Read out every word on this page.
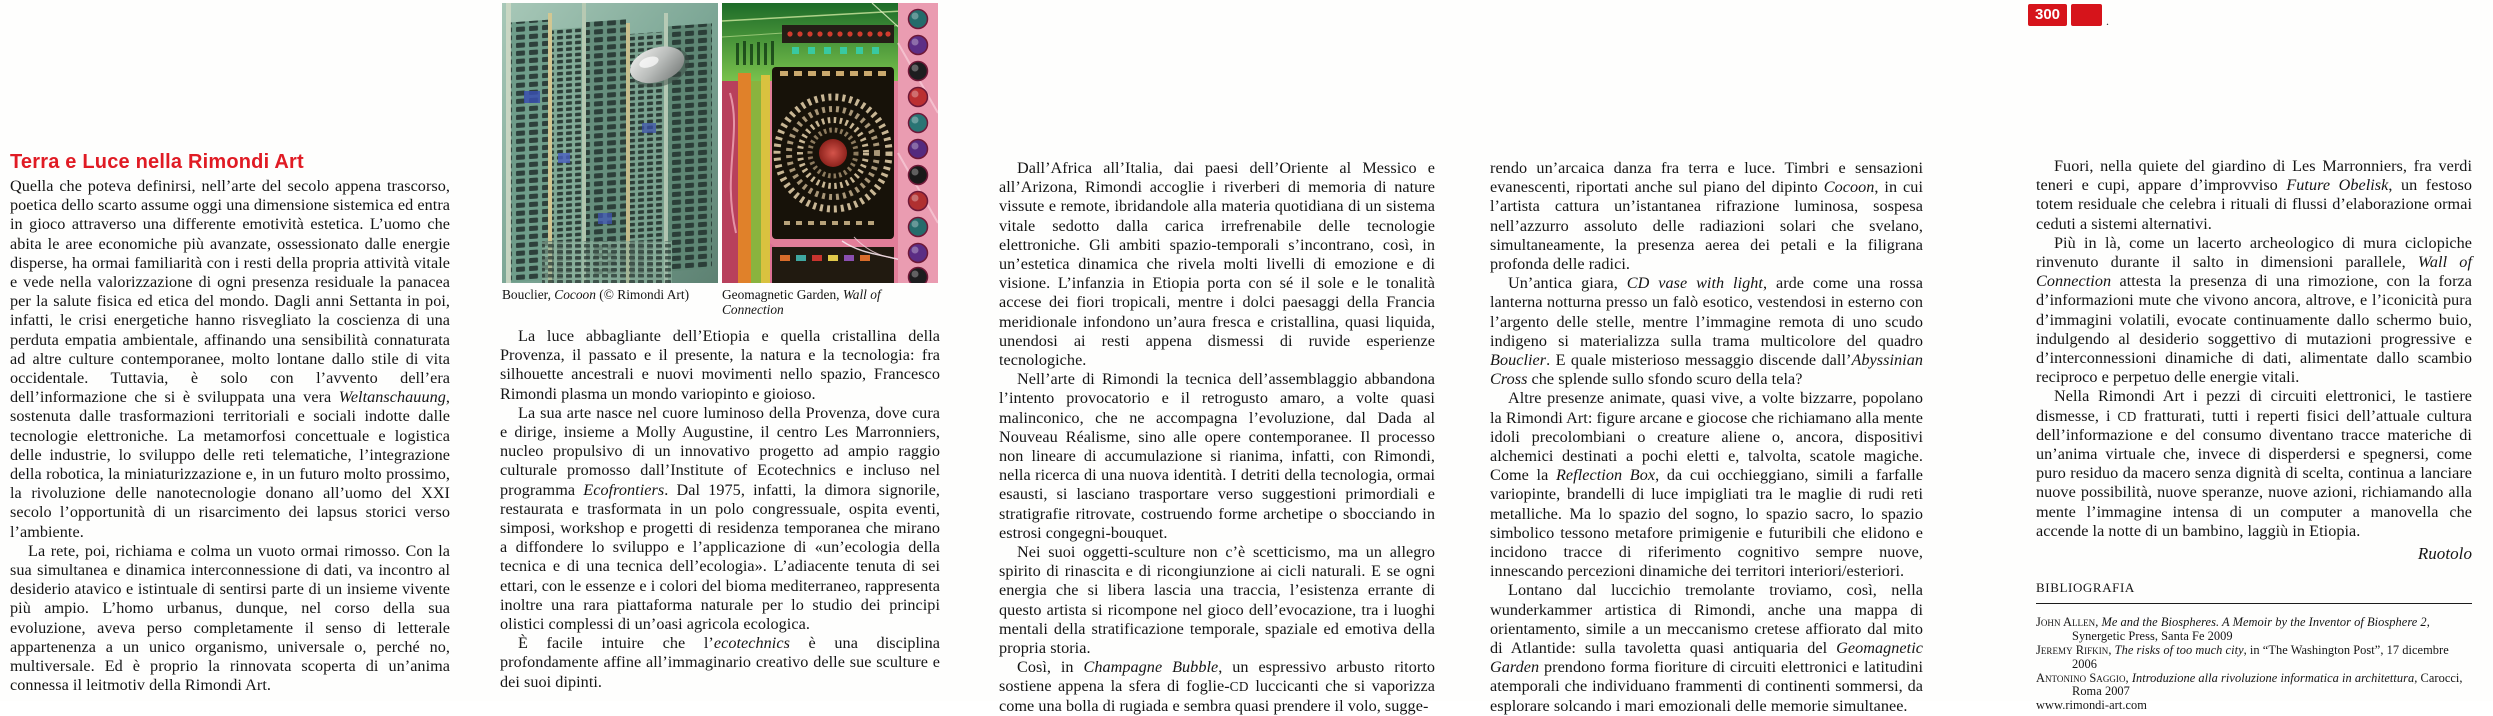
300	.
Terra e Luce nella Rimondi Art

Quella che poteva definirsi, nell’arte del secolo appena trascorso, poetica dello scarto assume oggi una dimensione sistemica ed entra in gioco attraverso una differente emotività estetica. L’uomo che abita le aree economiche più avanzate, ossessionato dalle energie disperse, ha ormai familiarità con i resti della propria attività vitale e vede nella valorizzazione di ogni presenza residuale la panacea per la salute fisica ed etica del mondo. Dagli anni Settanta in poi, infatti, le crisi energetiche hanno risvegliato la coscienza di una perduta empatia ambientale, affinando una sensibilità connaturata ad altre culture contemporanee, molto lontane dallo stile di vita occidentale. Tuttavia, è solo con l’avvento dell’era dell’informazione che si è sviluppata una vera Weltanschauung, sostenuta dalle trasformazioni territoriali e sociali indotte dalle tecnologie elettroniche. La metamorfosi concettuale e logistica delle industrie, lo sviluppo delle reti telematiche, l’integrazione della robotica, la miniaturizzazione e, in un futuro molto prossimo, la rivoluzione delle nanotecnologie donano all’uomo del XXI secolo l’opportunità di un risarcimento dei lapsus storici verso l’ambiente.

La rete, poi, richiama e colma un vuoto ormai rimosso. Con la sua simultanea e dinamica interconnessione di dati, va incontro al desiderio atavico e istintuale di sentirsi parte di un insieme vivente più ampio. L’homo urbanus, dunque, nel corso della sua evoluzione, aveva perso completamente il senso di letterale appartenenza a un unico organismo, universale o, perché no, multiversale. Ed è proprio la rinnovata scoperta di un’anima connessa il leitmotiv della Rimondi Art.

Bouclier, Cocoon (© Rimondi Art)	Geomagnetic Garden, Wall of Connection

La luce abbagliante dell’Etiopia e quella cristallina della Provenza, il passato e il presente, la natura e la tecnologia: fra silhouette ancestrali e nuovi movimenti nello spazio, Francesco Rimondi plasma un mondo variopinto e gioioso.

La sua arte nasce nel cuore luminoso della Provenza, dove cura e dirige, insieme a Molly Augustine, il centro Les Marronniers, nucleo propulsivo di un innovativo progetto ad ampio raggio culturale promosso dall’Institute of Ecotechnics e incluso nel programma Ecofrontiers. Dal 1975, infatti, la dimora signorile, restaurata e trasformata in un polo congressuale, ospita eventi, simposi, workshop e progetti di residenza temporanea che mirano a diffondere lo sviluppo e l’applicazione di «un’ecologia della tecnica e di una tecnica dell’ecologia». L’adiacente tenuta di sei ettari, con le essenze e i colori del bioma mediterraneo, rappresenta inoltre una rara piattaforma naturale per lo studio dei principi olistici complessi di un’oasi agricola ecologica.

È facile intuire che l’ecotechnics è una disciplina profondamente affine all’immaginario creativo delle sue sculture e dei suoi dipinti.

Dall’Africa all’Italia, dai paesi dell’Oriente al Messico e all’Arizona, Rimondi accoglie i riverberi di memoria di nature vissute e remote, ibridandole alla materia quotidiana di un sistema vitale sedotto dalla carica irrefrenabile delle tecnologie elettroniche. Gli ambiti spazio-temporali s’incontrano, così, in un’estetica dinamica che rivela molti livelli di emozione e di visione. L’infanzia in Etiopia porta con sé il sole e le tonalità accese dei fiori tropicali, mentre i dolci paesaggi della Francia meridionale infondono un’aura fresca e cristallina, quasi liquida, unendosi ai resti appena dismessi di ruvide esperienze tecnologiche.

Nell’arte di Rimondi la tecnica dell’assemblaggio abbandona l’intento provocatorio e il retrogusto amaro, a volte quasi malinconico, che ne accompagna l’evoluzione, dal Dada al Nouveau Réalisme, sino alle opere contemporanee. Il processo non lineare di accumulazione si rianima, infatti, con Rimondi, nella ricerca di una nuova identità. I detriti della tecnologia, ormai esausti, si lasciano trasportare verso suggestioni primordiali e stratigrafie ritrovate, costruendo forme archetipe o sbocciando in estrosi congegni-bouquet.

Nei suoi oggetti-sculture non c’è scetticismo, ma un allegro spirito di rinascita e di ricongiunzione ai cicli naturali. E se ogni energia che si libera lascia una traccia, l’esistenza errante di questo artista si ricompone nel gioco dell’evocazione, tra i luoghi mentali della stratificazione temporale, spaziale ed emotiva della propria storia.

Così, in Champagne Bubble, un espressivo arbusto ritorto sostiene appena la sfera di foglie-CD luccicanti che si vaporizza come una bolla di rugiada e sembra quasi prendere il volo, sugge-

rendo un’arcaica danza fra terra e luce. Timbri e sensazioni evanescenti, riportati anche sul piano del dipinto Cocoon, in cui l’artista cattura un’istantanea rifrazione luminosa, sospesa nell’azzurro assoluto delle radiazioni solari che svelano, simultaneamente, la presenza aerea dei petali e la filigrana profonda delle radici.

Un’antica giara, CD vase with light, arde come una rossa lanterna notturna presso un falò esotico, vestendosi in esterno con l’argento delle stelle, mentre l’immagine remota di uno scudo indigeno si materializza sulla trama multicolore del quadro Bouclier. E quale misterioso messaggio discende dall’Abyssinian Cross che splende sullo sfondo scuro della tela?

Altre presenze animate, quasi vive, a volte bizzarre, popolano la Rimondi Art: figure arcane e giocose che richiamano alla mente idoli precolombiani o creature aliene o, ancora, dispositivi alchemici destinati a pochi eletti e, talvolta, scatole magiche. Come la Reflection Box, da cui occhieggiano, simili a farfalle variopinte, brandelli di luce impigliati tra le maglie di rudi reti metalliche. Ma lo spazio del sogno, lo spazio sacro, lo spazio simbolico tessono metafore primigenie e futuribili che elidono e incidono tracce di riferimento cognitivo sempre nuove, innescando percezioni dinamiche dei territori interiori/esteriori.

Lontano dal luccichio tremolante troviamo, così, nella wunderkammer artistica di Rimondi, anche una mappa di orientamento, simile a un meccanismo cretese affiorato dal mito di Atlantide: sulla tavoletta quasi antiquaria del Geomagnetic Garden prendono forma fioriture di circuiti elettronici e latitudini atemporali che individuano frammenti di continenti sommersi, da esplorare solcando i mari emozionali delle memorie simultanee.

Fuori, nella quiete del giardino di Les Marronniers, fra verdi teneri e cupi, appare d’improvviso Future Obelisk, un festoso totem residuale che celebra i rituali di flussi d’elaborazione ormai ceduti a sistemi alternativi.

Più in là, come un lacerto archeologico di mura ciclopiche rinvenuto durante il salto in dimensioni parallele, Wall of Connection attesta la presenza di una rimozione, con la forza d’informazioni mute che vivono ancora, altrove, e l’iconicità pura d’immagini volatili, evocate continuamente dallo schermo buio, indulgendo al desiderio soggettivo di mutazioni progressive e d’interconnessioni dinamiche di dati, alimentate dallo scambio reciproco e perpetuo delle energie vitali.

Nella Rimondi Art i pezzi di circuiti elettronici, le tastiere dismesse, i CD fratturati, tutti i reperti fisici dell’attuale cultura dell’informazione e del consumo diventano tracce materiche di un’anima virtuale che, invece di disperdersi e spegnersi, come puro residuo da macero senza dignità di scelta, continua a lanciare nuove possibilità, nuove speranze, nuove azioni, richiamando alla mente l’immagine intensa di un computer a manovella che accende la notte di un bambino, laggiù in Etiopia.

Ruotolo

BIBLIOGRAFIA

John Allen, Me and the Biospheres. A Memoir by the Inventor of Biosphere 2, Synergetic Press, Santa Fe 2009

Jeremy Rifkin, The risks of too much city, in “The Washington Post”, 17 dicembre 2006

Antonino Saggio, Introduzione alla rivoluzione informatica in architettura, Carocci, Roma 2007

www.rimondi-art.com
